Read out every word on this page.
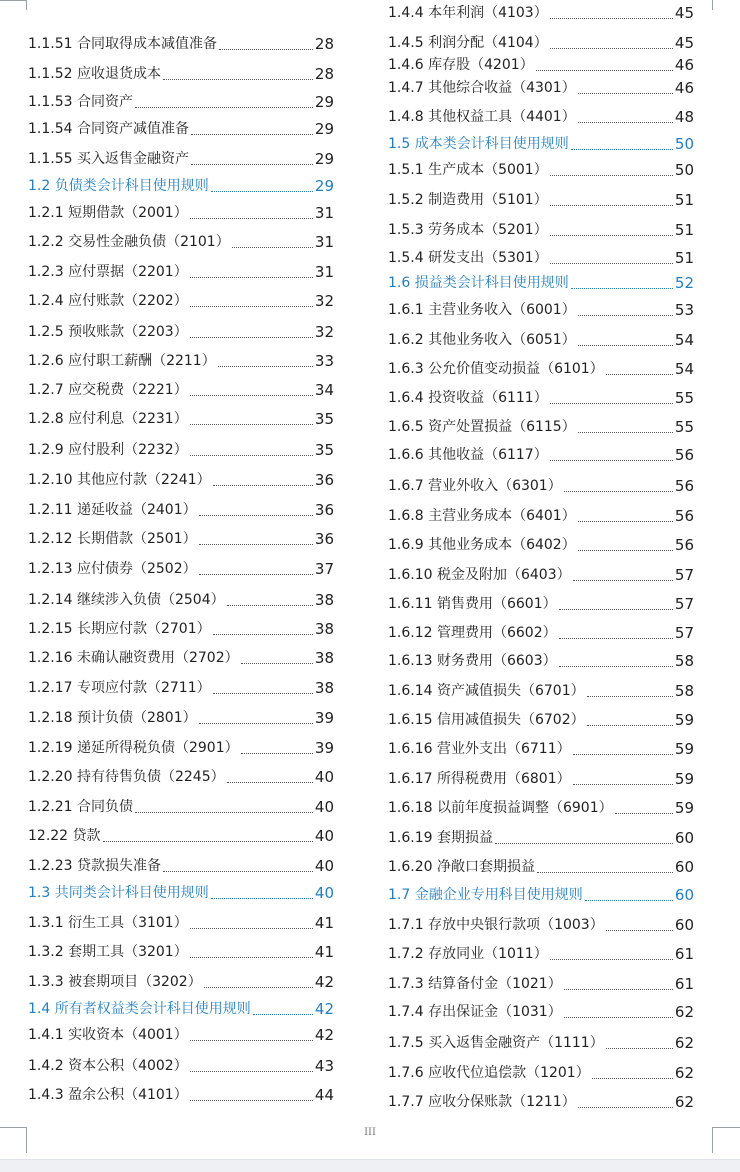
1.1.51 合同取得成本减值准备	28
1.1.52 应收退货成本	28
1.1.53 合同资产	29
1.1.54 合同资产减值准备	29
1.1.55 买入返售金融资产	29
1.2 负债类会计科目使用规则	29
1.2.1 短期借款（2001）	31
1.2.2 交易性金融负债（2101）	31
1.2.3 应付票据（2201）	31
1.2.4 应付账款（2202）	32
1.2.5 预收账款（2203）	32
1.2.6 应付职工薪酬（2211）	33
1.2.7 应交税费（2221）	34
1.2.8 应付利息（2231）	35
1.2.9 应付股利（2232）	35
1.2.10 其他应付款（2241）	36
1.2.11 递延收益（2401）	36
1.2.12 长期借款（2501）	36
1.2.13 应付债券（2502）	37
1.2.14 继续涉入负债（2504）	38
1.2.15 长期应付款（2701）	38
1.2.16 未确认融资费用（2702）	38
1.2.17 专项应付款（2711）	38
1.2.18 预计负债（2801）	39
1.2.19 递延所得税负债（2901）	39
1.2.20 持有待售负债（2245）	40
1.2.21 合同负债	40
12.22 贷款	40
1.2.23 贷款损失准备	40
1.3 共同类会计科目使用规则	40
1.3.1 衍生工具（3101）	41
1.3.2 套期工具（3201）	41
1.3.3 被套期项目（3202）	42
1.4 所有者权益类会计科目使用规则	42
1.4.1 实收资本（4001）	42
1.4.2 资本公积（4002）	43
1.4.3 盈余公积（4101）	44
1.4.4 本年利润（4103）	45
1.4.5 利润分配（4104）	45
1.4.6 库存股（4201）	46
1.4.7 其他综合收益（4301）	46
1.4.8 其他权益工具（4401）	48
1.5 成本类会计科目使用规则	50
1.5.1 生产成本（5001）	50
1.5.2 制造费用（5101）	51
1.5.3 劳务成本（5201）	51
1.5.4 研发支出（5301）	51
1.6 损益类会计科目使用规则	52
1.6.1 主营业务收入（6001）	53
1.6.2 其他业务收入（6051）	54
1.6.3 公允价值变动损益（6101）	54
1.6.4 投资收益（6111）	55
1.6.5 资产处置损益（6115）	55
1.6.6 其他收益（6117）	56
1.6.7 营业外收入（6301）	56
1.6.8 主营业务成本（6401）	56
1.6.9 其他业务成本（6402）	56
1.6.10 税金及附加（6403）	57
1.6.11 销售费用（6601）	57
1.6.12 管理费用（6602）	57
1.6.13 财务费用（6603）	58
1.6.14 资产减值损失（6701）	58
1.6.15 信用减值损失（6702）	59
1.6.16 营业外支出（6711）	59
1.6.17 所得税费用（6801）	59
1.6.18 以前年度损益调整（6901）	59
1.6.19 套期损益	60
1.6.20 净敞口套期损益	60
1.7 金融企业专用科目使用规则	60
1.7.1 存放中央银行款项（1003）	60
1.7.2 存放同业（1011）	61
1.7.3 结算备付金（1021）	61
1.7.4 存出保证金（1031）	62
1.7.5 买入返售金融资产（1111）	62
1.7.6 应收代位追偿款（1201）	62
1.7.7 应收分保账款（1211）	62
III
